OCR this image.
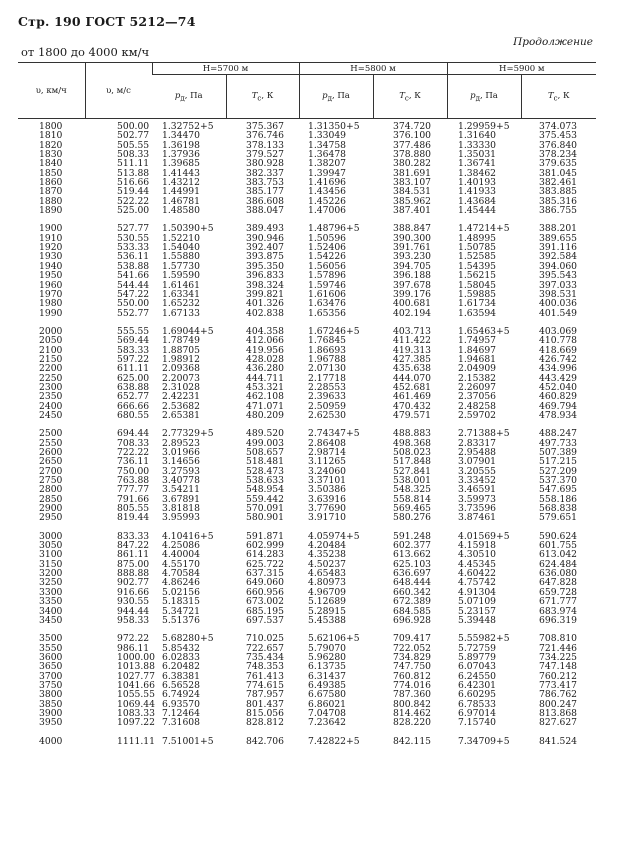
Стр. 190 ГОСТ 5212—74
Продолжение
от 1800 до 4000 км/ч
υ, км/ч	υ, м/с	H=5700 м		H=5800 м		H=5900 м	
		$p_д$, Па	$T_c$, К	$p_д$, Па	$T_c$, К	$p_д$, Па	$T_c$, К
1800	500.00	1.32752+5	375.367	1.31350+5	374.720	1.29959+5	374.073
1810	502.77	1.34470	376.746	1.33049	376.100	1.31640	375.453
1820	505.55	1.36198	378.133	1.34758	377.486	1.33330	376.840
1830	508.33	1.37936	379.527	1.36478	378.880	1.35031	378.234
1840	511.11	1.39685	380.928	1.38207	380.282	1.36741	379.635
1850	513.88	1.41443	382.337	1.39947	381.691	1.38462	381.045
1860	516.66	1.43212	383.753	1.41696	383.107	1.40193	382.461
1870	519.44	1.44991	385.177	1.43456	384.531	1.41933	383.885
1880	522.22	1.46781	386.608	1.45226	385.962	1.43684	385.316
1890	525.00	1.48580	388.047	1.47006	387.401	1.45444	386.755

1900	527.77	1.50390+5	389.493	1.48796+5	388.847	1.47214+5	388.201
1910	530.55	1.52210	390.946	1.50596	390.300	1.48995	389.655
1920	533.33	1.54040	392.407	1.52406	391.761	1.50785	391.116
1930	536.11	1.55880	393.875	1.54226	393.230	1.52585	392.584
1940	538.88	1.57730	395.350	1.56056	394.705	1.54395	394.060
1950	541.66	1.59590	396.833	1.57896	396.188	1.56215	395.543
1960	544.44	1.61461	398.324	1.59746	397.678	1.58045	397.033
1970	547.22	1.63341	399.821	1.61606	399.176	1.59885	398.531
1980	550.00	1.65232	401.326	1.63476	400.681	1.61734	400.036
1990	552.77	1.67133	402.838	1.65356	402.194	1.63594	401.549

2000	555.55	1.69044+5	404.358	1.67246+5	403.713	1.65463+5	403.069
2050	569.44	1.78749	412.066	1.76845	411.422	1.74957	410.778
2100	583.33	1.88705	419.956	1.86693	419.313	1.84697	418.669
2150	597.22	1.98912	428.028	1.96788	427.385	1.94681	426.742
2200	611.11	2.09368	436.280	2.07130	435.638	2.04909	434.996
2250	625.00	2.20073	444.711	2.17718	444.070	2.15382	443.429
2300	638.88	2.31028	453.321	2.28553	452.681	2.26097	452.040
2350	652.77	2.42231	462.108	2.39633	461.469	2.37056	460.829
2400	666.66	2.53682	471.071	2.50959	470.432	2.48258	469.794
2450	680.55	2.65381	480.209	2.62530	479.571	2.59702	478.934

2500	694.44	2.77329+5	489.520	2.74347+5	488.883	2.71388+5	488.247
2550	708.33	2.89523	499.003	2.86408	498.368	2.83317	497.733
2600	722.22	3.01966	508.657	2.98714	508.023	2.95488	507.389
2650	736.11	3.14656	518.481	3.11265	517.848	3.07901	517.215
2700	750.00	3.27593	528.473	3.24060	527.841	3.20555	527.209
2750	763.88	3.40778	538.633	3.37101	538.001	3.33452	537.370
2800	777.77	3.54211	548.954	3.50386	548.325	3.46591	547.695
2850	791.66	3.67891	559.442	3.63916	558.814	3.59973	558.186
2900	805.55	3.81818	570.091	3.77690	569.465	3.73596	568.838
2950	819.44	3.95993	580.901	3.91710	580.276	3.87461	579.651

3000	833.33	4.10416+5	591.871	4.05974+5	591.248	4.01569+5	590.624
3050	847.22	4.25086	602.999	4.20484	602.377	4.15918	601.755
3100	861.11	4.40004	614.283	4.35238	613.662	4.30510	613.042
3150	875.00	4.55170	625.722	4.50237	625.103	4.45345	624.484
3200	888.88	4.70584	637.315	4.65483	636.697	4.60422	636.080
3250	902.77	4.86246	649.060	4.80973	648.444	4.75742	647.828
3300	916.66	5.02156	660.956	4.96709	660.342	4.91304	659.728
3350	930.55	5.18315	673.002	5.12689	672.389	5.07109	671.777
3400	944.44	5.34721	685.195	5.28915	684.585	5.23157	683.974
3450	958.33	5.51376	697.537	5.45388	696.928	5.39448	696.319

3500	972.22	5.68280+5	710.025	5.62106+5	709.417	5.55982+5	708.810
3550	986.11	5.85432	722.657	5.79070	722.052	5.72759	721.446
3600	1000.00	6.02833	735.434	5.96280	734.829	5.89779	734.225
3650	1013.88	6.20482	748.353	6.13735	747.750	6.07043	747.148
3700	1027.77	6.38381	761.413	6.31437	760.812	6.24550	760.212
3750	1041.66	6.56528	774.615	6.49385	774.016	6.42301	773.417
3800	1055.55	6.74924	787.957	6.67580	787.360	6.60295	786.762
3850	1069.44	6.93570	801.437	6.86021	800.842	6.78533	800.247
3900	1083.33	7.12464	815.056	7.04708	814.462	6.97014	813.868
3950	1097.22	7.31608	828.812	7.23642	828.220	7.15740	827.627

4000	1111.11	7.51001+5	842.706	7.42822+5	842.115	7.34709+5	841.524
